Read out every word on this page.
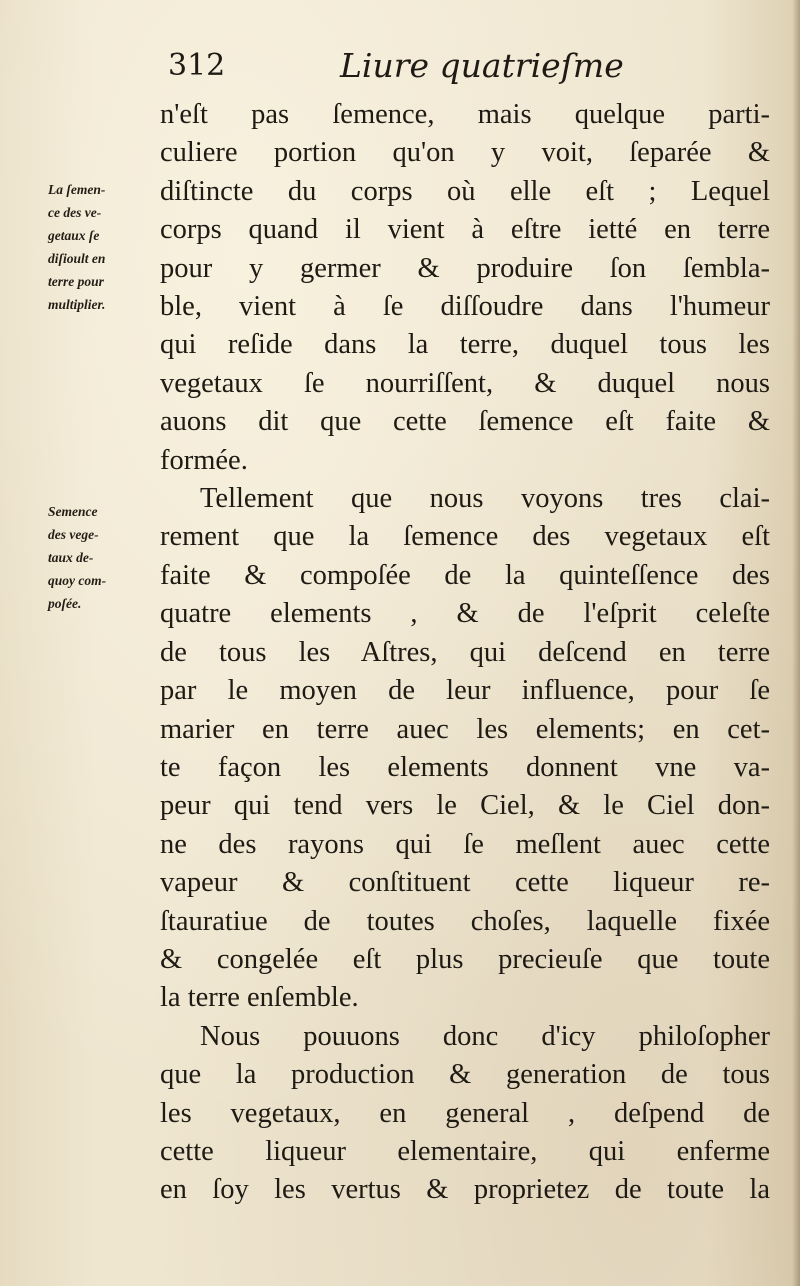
312	Liure quatrieſme
La ſemen-
ce des ve-
getaux ſe
diſioult en
terre pour
multiplier.
Semence
des vege-
taux de-
quoy com-
poſée.
n'eſt pas ſemence, mais quelque parti-
culiere portion qu'on y voit, ſeparée &
diſtincte du corps où elle eſt ; Lequel
corps quand il vient à eſtre ietté en terre
pour y germer & produire ſon ſembla-
ble, vient à ſe diſſoudre dans l'humeur
qui reſide dans la terre, duquel tous les
vegetaux ſe nourriſſent, & duquel nous
auons dit que cette ſemence eſt faite &
formée.
Tellement que nous voyons tres clai-
rement que la ſemence des vegetaux eſt
faite & compoſée de la quinteſſence des
quatre elements , & de l'eſprit celeſte
de tous les Aſtres, qui deſcend en terre
par le moyen de leur influence, pour ſe
marier en terre auec les elements; en cet-
te façon les elements donnent vne va-
peur qui tend vers le Ciel, & le Ciel don-
ne des rayons qui ſe meſlent auec cette
vapeur & conſtituent cette liqueur re-
ſtauratiue de toutes choſes, laquelle fixée
& congelée eſt plus precieuſe que toute
la terre enſemble.
Nous pouuons donc d'icy philoſopher
que la production & generation de tous
les vegetaux, en general , deſpend de
cette liqueur elementaire, qui enferme
en ſoy les vertus & proprietez de toute la
